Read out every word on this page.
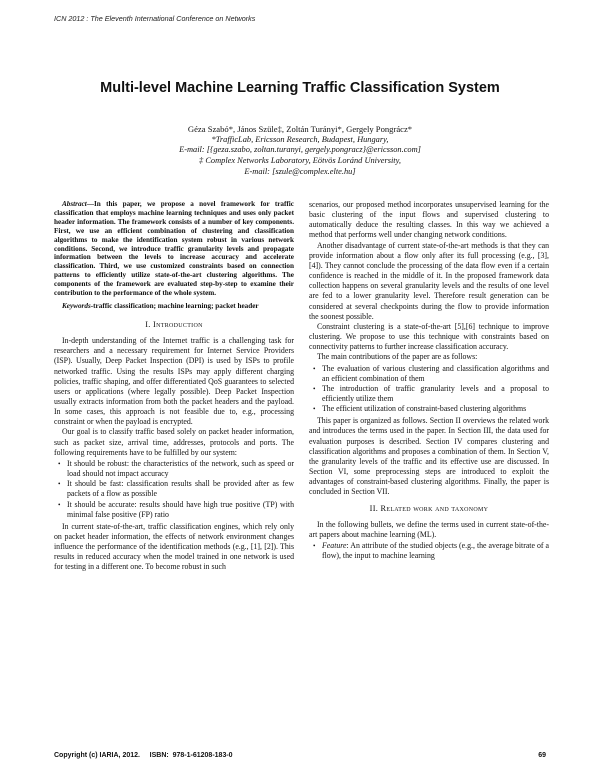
ICN 2012 : The Eleventh International Conference on Networks
Multi-level Machine Learning Traffic Classification System
Géza Szabó*, János Szüle‡, Zoltán Turányi*, Gergely Pongrácz*
*TrafficLab, Ericsson Research, Budapest, Hungary,
E-mail: [{geza.szabo, zoltan.turanyi, gergely.pongracz}@ericsson.com]
‡ Complex Networks Laboratory, Eötvös Loránd University,
E-mail: [szule@complex.elte.hu]

Abstract—In this paper, we propose a novel framework for traffic classification that employs machine learning techniques and uses only packet header information. The framework consists of a number of key components. First, we use an efficient combination of clustering and classification algorithms to make the identification system robust in various network conditions. Second, we introduce traffic granularity levels and propagate information between the levels to increase accuracy and accelerate classification. Third, we use customized constraints based on connection patterns to efficiently utilize state-of-the-art clustering algorithms. The components of the framework are evaluated step-by-step to examine their contribution to the performance of the whole system.

Keywords-traffic classification; machine learning; packet header

I. Introduction

In-depth understanding of the Internet traffic is a challenging task for researchers and a necessary requirement for Internet Service Providers (ISP). Usually, Deep Packet Inspection (DPI) is used by ISPs to profile networked traffic. Using the results ISPs may apply different charging policies, traffic shaping, and offer differentiated QoS guarantees to selected users or applications (where legally possible). Deep Packet Inspection usually extracts information from both the packet headers and the payload. In some cases, this approach is not feasible due to, e.g., processing constraint or when the payload is encrypted.

Our goal is to classify traffic based solely on packet header information, such as packet size, arrival time, addresses, protocols and ports. The following requirements have to be fulfilled by our system:

• It should be robust: the characteristics of the network, such as speed or load should not impact accuracy
• It should be fast: classification results shall be provided after as few packets of a flow as possible
• It should be accurate: results should have high true positive (TP) with minimal false positive (FP) ratio

In current state-of-the-art, traffic classification engines, which rely only on packet header information, the effects of network environment changes influence the performance of the identification methods (e.g., [1], [2]). This results in reduced accuracy when the model trained in one network is used for testing in a different one. To become robust in such

scenarios, our proposed method incorporates unsupervised learning for the basic clustering of the input flows and supervised clustering to automatically deduce the resulting classes. In this way we achieved a method that performs well under changing network conditions.

Another disadvantage of current state-of-the-art methods is that they can provide information about a flow only after its full processing (e.g., [3], [4]). They cannot conclude the processing of the data flow even if a certain confidence is reached in the middle of it. In the proposed framework data collection happens on several granularity levels and the results of one level are fed to a lower granularity level. Therefore result generation can be considered at several checkpoints during the flow to provide information the soonest possible.

Constraint clustering is a state-of-the-art [5],[6] technique to improve clustering. We propose to use this technique with constraints based on connectivity patterns to further increase classification accuracy.

The main contributions of the paper are as follows:

• The evaluation of various clustering and classification algorithms and an efficient combination of them
• The introduction of traffic granularity levels and a proposal to efficiently utilize them
• The efficient utilization of constraint-based clustering algorithms

This paper is organized as follows. Section II overviews the related work and introduces the terms used in the paper. In Section III, the data used for evaluation purposes is described. Section IV compares clustering and classification algorithms and proposes a combination of them. In Section V, the granularity levels of the traffic and its effective use are discussed. In Section VI, some preprocessing steps are introduced to exploit the advantages of constraint-based clustering algorithms. Finally, the paper is concluded in Section VII.

II. Related work and taxonomy

In the following bullets, we define the terms used in current state-of-the-art papers about machine learning (ML).

• Feature: An attribute of the studied objects (e.g., the average bitrate of a flow), the input to machine learning
Copyright (c) IARIA, 2012.     ISBN:  978-1-61208-183-0	69
